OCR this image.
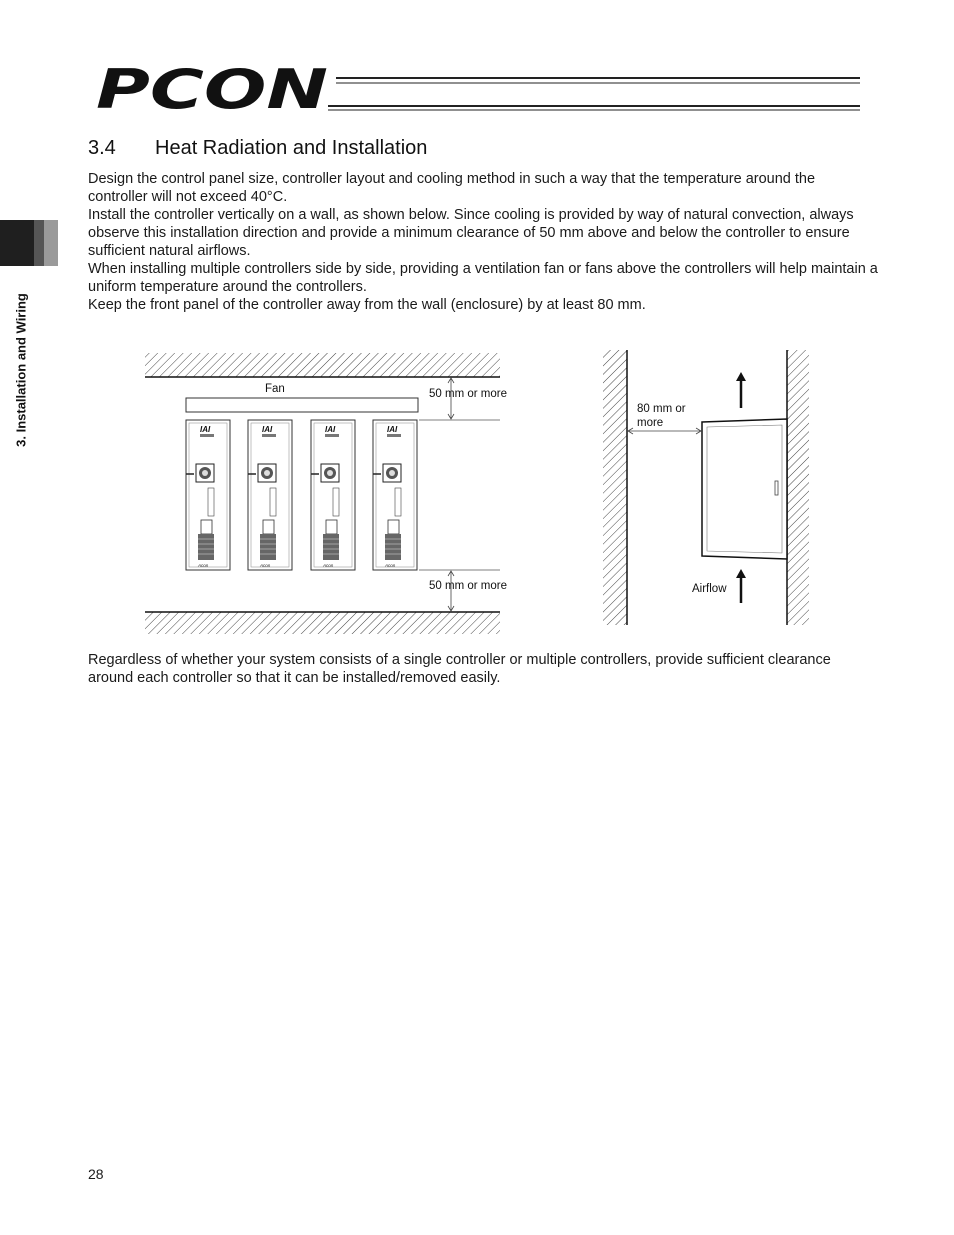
PCON
3. Installation and Wiring
3.4 Heat Radiation and Installation

Design the control panel size, controller layout and cooling method in such a way that the temperature around the controller will not exceed 40°C.

Install the controller vertically on a wall, as shown below. Since cooling is provided by way of natural convection, always observe this installation direction and provide a minimum clearance of 50 mm above and below the controller to ensure sufficient natural airflows.

When installing multiple controllers side by side, providing a ventilation fan or fans above the controllers will help maintain a uniform temperature around the controllers.

Keep the front panel of the controller away from the wall (enclosure) by at least 80 mm.

Acon
Fan	50 mm or more
50 mm or more
80 mm or
more
Airflow

Regardless of whether your system consists of a single controller or multiple controllers, provide sufficient clearance around each controller so that it can be installed/removed easily.

28
